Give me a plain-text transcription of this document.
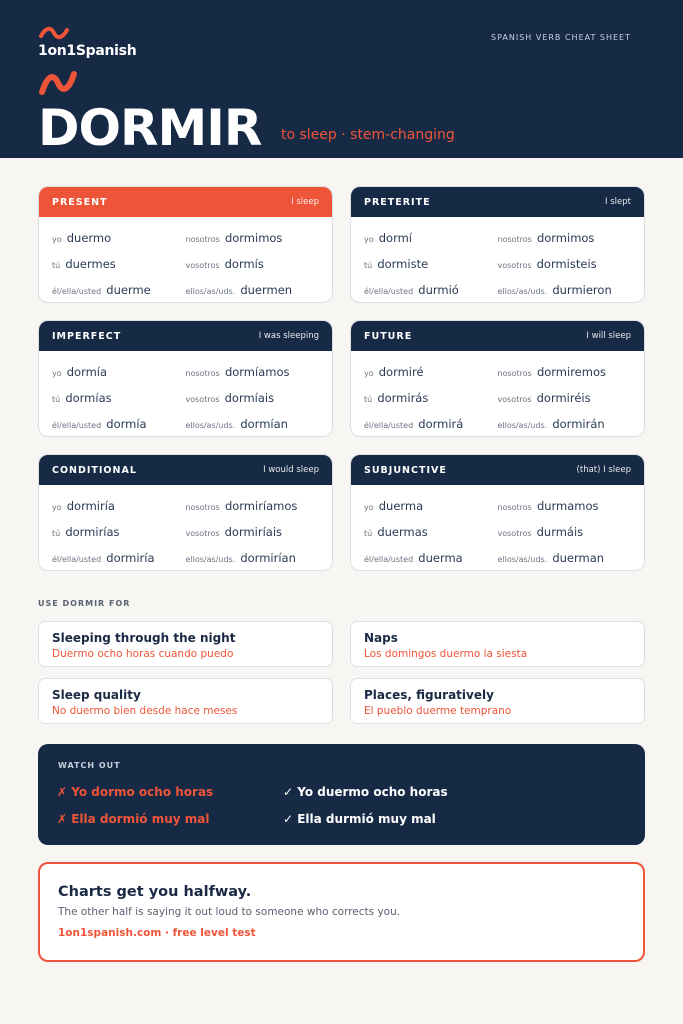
1on1Spanish
SPANISH VERB CHEAT SHEET
DORMIR to sleep · stem-changing
PRESENT	I sleep
yo duermo	nosotros dormimos
tú duermes	vosotros dormís
él/ella/usted duerme	ellos/as/uds. duermen
PRETERITE	I slept
yo dormí	nosotros dormimos
tú dormiste	vosotros dormisteis
él/ella/usted durmió	ellos/as/uds. durmieron
IMPERFECT	I was sleeping
yo dormía	nosotros dormíamos
tú dormías	vosotros dormíais
él/ella/usted dormía	ellos/as/uds. dormían
FUTURE	I will sleep
yo dormiré	nosotros dormiremos
tú dormirás	vosotros dormiréis
él/ella/usted dormirá	ellos/as/uds. dormirán
CONDITIONAL	I would sleep
yo dormiría	nosotros dormiríamos
tú dormirías	vosotros dormiríais
él/ella/usted dormiría	ellos/as/uds. dormirían
SUBJUNCTIVE	(that) I sleep
yo duerma	nosotros durmamos
tú duermas	vosotros durmáis
él/ella/usted duerma	ellos/as/uds. duerman
USE DORMIR FOR
Sleeping through the night
Duermo ocho horas cuando puedo
Naps
Los domingos duermo la siesta
Sleep quality
No duermo bien desde hace meses
Places, figuratively
El pueblo duerme temprano
WATCH OUT
✗ Yo dormo ocho horas	✓ Yo duermo ocho horas
✗ Ella dormió muy mal	✓ Ella durmió muy mal
Charts get you halfway.
The other half is saying it out loud to someone who corrects you.
1on1spanish.com · free level test
